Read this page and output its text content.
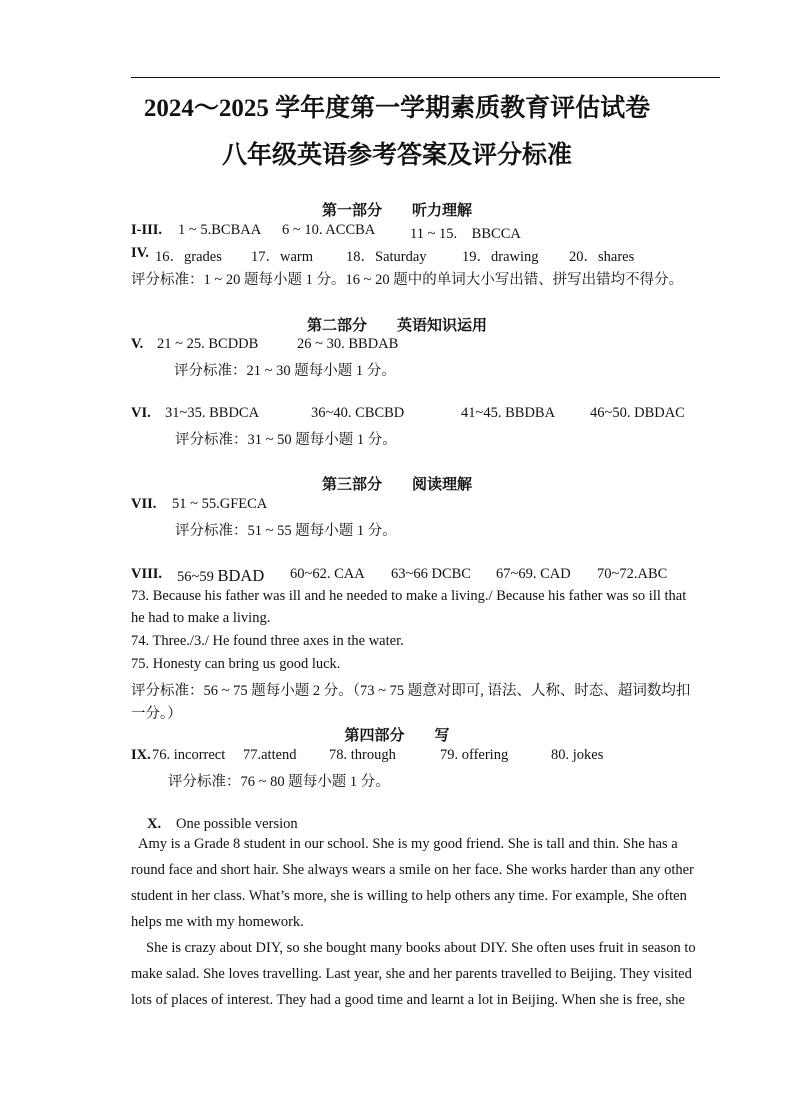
2024～2025 学年度第一学期素质教育评估试卷
八年级英语参考答案及评分标准
第一部分　　听力理解
I-III. 1 ~ 5.BCBAA 6 ~ 10. ACCBA 11 ~ 15.　BBCCA
IV. 16．grades 17．warm 18．Saturday 19．drawing 20．shares
评分标准：1 ~ 20 题每小题 1 分。16 ~ 20 题中的单词大小写出错、拼写出错均不得分。
第二部分　　英语知识运用
V. 21 ~ 25. BCDDB	26 ~ 30. BBDAB
评分标准：21 ~ 30 题每小题 1 分。
VI. 31~35. BBDCA	36~40. CBCBD	41~45. BBDBA 46~50. DBDAC
评分标准：31 ~ 50 题每小题 1 分。
第三部分　　阅读理解
VII. 51 ~ 55.GFECA
评分标准：51 ~ 55 题每小题 1 分。
VIII. 56~59 BDAD 60~62. CAA 63~66 DCBC 67~69. CAD 70~72.ABC
73. Because his father was ill and he needed to make a living./ Because his father was so ill that
he had to make a living.
74. Three./3./ He found three axes in the water.
75. Honesty can bring us good luck.
评分标准：56 ~ 75 题每小题 2 分。（73 ~ 75 题意对即可, 语法、人称、时态、超词数均扣
一分。）
第四部分　　写
IX. 76. incorrect 77.attend 78. through	79. offering	80. jokes
评分标准：76 ~ 80 题每小题 1 分。
X. One possible version
Amy is a Grade 8 student in our school. She is my good friend. She is tall and thin. She has a
round face and short hair. She always wears a smile on her face. She works harder than any other
student in her class. What’s more, she is willing to help others any time. For example, She often
helps me with my homework.
She is crazy about DIY, so she bought many books about DIY. She often uses fruit in season to
make salad. She loves travelling. Last year, she and her parents travelled to Beijing. They visited
lots of places of interest. They had a good time and learnt a lot in Beijing. When she is free, she
